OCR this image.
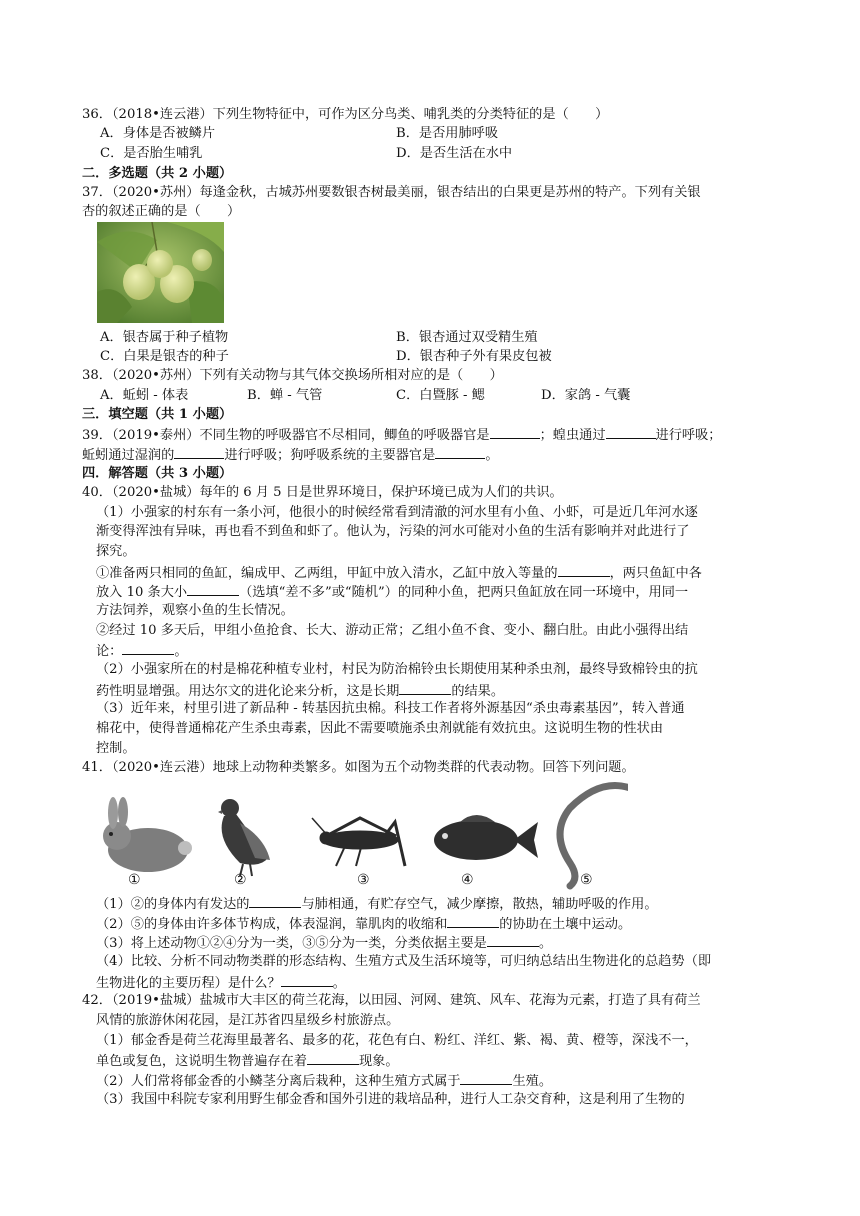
36．（2018•连云港）下列生物特征中，可作为区分鸟类、哺乳类的分类特征的是（　　）
A．身体是否被鳞片	B．是否用肺呼吸
C．是否胎生哺乳	D．是否生活在水中
二．多选题（共 2 小题）
37．（2020•苏州）每逢金秋，古城苏州要数银杏树最美丽，银杏结出的白果更是苏州的特产。下列有关银
杏的叙述正确的是（　　）
A．银杏属于种子植物	B．银杏通过双受精生殖
C．白果是银杏的种子	D．银杏种子外有果皮包被
38．（2020•苏州）下列有关动物与其气体交换场所相对应的是（　　）
A．蚯蚓 - 体表	B．蝉 - 气管	C．白暨豚 - 鳃	D．家鸽 - 气囊
三．填空题（共 1 小题）
39．（2019•泰州）不同生物的呼吸器官不尽相同，鲫鱼的呼吸器官是	；蝗虫通过	进行呼吸；
蚯蚓通过湿润的	进行呼吸；狗呼吸系统的主要器官是	。
四．解答题（共 3 小题）
40．（2020•盐城）每年的 6 月 5 日是世界环境日，保护环境已成为人们的共识。
（1）小强家的村东有一条小河，他很小的时候经常看到清澈的河水里有小鱼、小虾，可是近几年河水逐
渐变得浑浊有异味，再也看不到鱼和虾了。他认为，污染的河水可能对小鱼的生活有影响并对此进行了
探究。
①准备两只相同的鱼缸，编成甲、乙两组，甲缸中放入清水，乙缸中放入等量的	，两只鱼缸中各
放入 10 条大小	（选填“差不多”或“随机”）的同种小鱼，把两只鱼缸放在同一环境中，用同一
方法饲养，观察小鱼的生长情况。
②经过 10 多天后，甲组小鱼抢食、长大、游动正常；乙组小鱼不食、变小、翻白肚。由此小强得出结
论：	。
（2）小强家所在的村是棉花种植专业村，村民为防治棉铃虫长期使用某种杀虫剂，最终导致棉铃虫的抗
药性明显增强。用达尔文的进化论来分析，这是长期	的结果。
（3）近年来，村里引进了新品种 - 转基因抗虫棉。科技工作者将外源基因“杀虫毒素基因”，转入普通
棉花中，使得普通棉花产生杀虫毒素，因此不需要喷施杀虫剂就能有效抗虫。这说明生物的性状由
控制。
41．（2020•连云港）地球上动物种类繁多。如图为五个动物类群的代表动物。回答下列问题。
①	②	③	④	⑤
（1）②的身体内有发达的	与肺相通，有贮存空气，减少摩擦，散热，辅助呼吸的作用。
（2）⑤的身体由许多体节构成，体表湿润，靠肌肉的收缩和	的协助在土壤中运动。
（3）将上述动物①②④分为一类，③⑤分为一类，分类依据主要是	。
（4）比较、分析不同动物类群的形态结构、生殖方式及生活环境等，可归纳总结出生物进化的总趋势（即
生物进化的主要历程）是什么？	。
42．（2019•盐城）盐城市大丰区的荷兰花海，以田园、河网、建筑、风车、花海为元素，打造了具有荷兰
风情的旅游休闲花园，是江苏省四星级乡村旅游点。
（1）郁金香是荷兰花海里最著名、最多的花，花色有白、粉红、洋红、紫、褐、黄、橙等，深浅不一，
单色或复色，这说明生物普遍存在着	现象。
（2）人们常将郁金香的小鳞茎分离后栽种，这种生殖方式属于	生殖。
（3）我国中科院专家利用野生郁金香和国外引进的栽培品种，进行人工杂交育种，这是利用了生物的
